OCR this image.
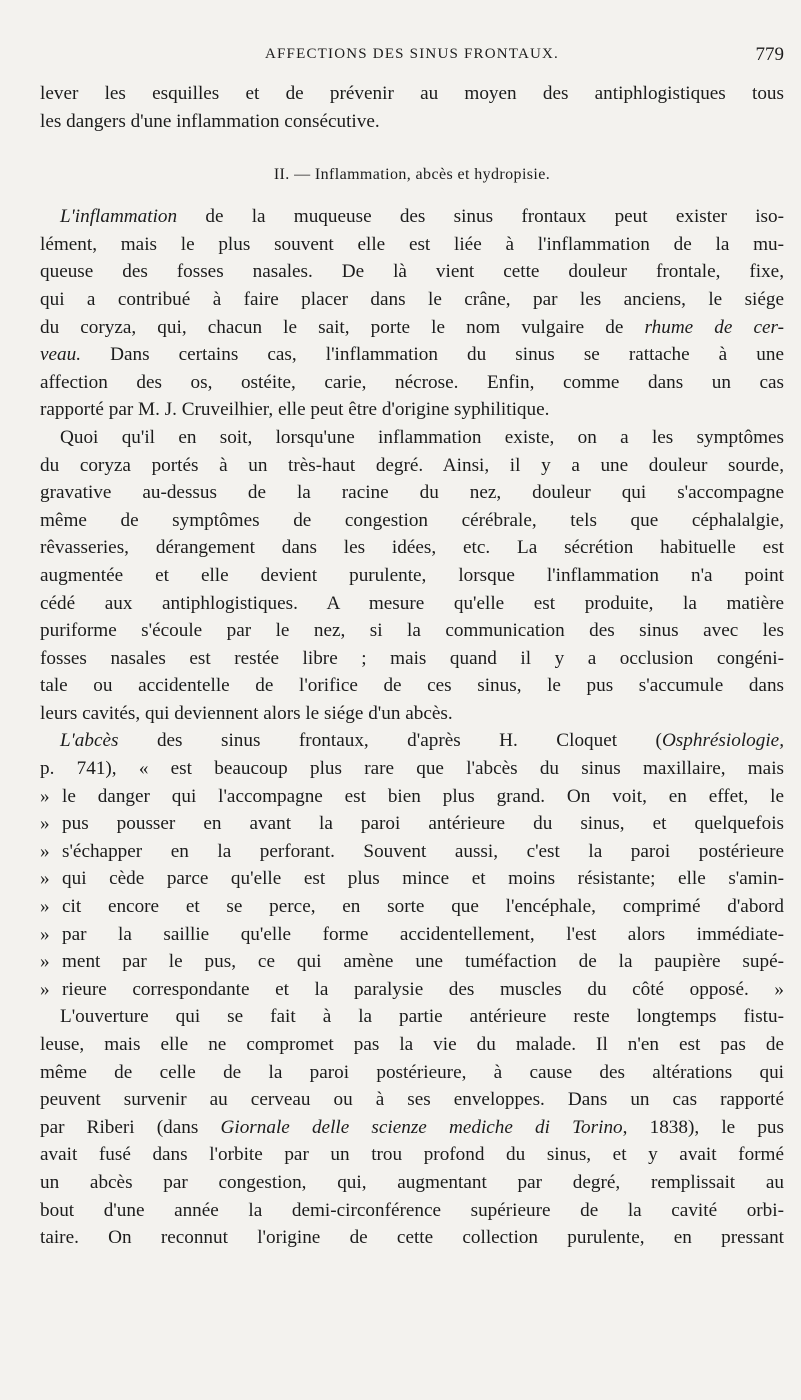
AFFECTIONS DES SINUS FRONTAUX.	779
lever les esquilles et de prévenir au moyen des antiphlogistiques tous
les dangers d'une inflammation consécutive.
II. — Inflammation, abcès et hydropisie.
L'inflammation de la muqueuse des sinus frontaux peut exister iso-
lément, mais le plus souvent elle est liée à l'inflammation de la mu-
queuse des fosses nasales. De là vient cette douleur frontale, fixe,
qui a contribué à faire placer dans le crâne, par les anciens, le siége
du coryza, qui, chacun le sait, porte le nom vulgaire de rhume de cer-
veau. Dans certains cas, l'inflammation du sinus se rattache à une
affection des os, ostéite, carie, nécrose. Enfin, comme dans un cas
rapporté par M. J. Cruveilhier, elle peut être d'origine syphilitique.
Quoi qu'il en soit, lorsqu'une inflammation existe, on a les symptômes
du coryza portés à un très-haut degré. Ainsi, il y a une douleur sourde,
gravative au-dessus de la racine du nez, douleur qui s'accompagne
même de symptômes de congestion cérébrale, tels que céphalalgie,
rêvasseries, dérangement dans les idées, etc. La sécrétion habituelle est
augmentée et elle devient purulente, lorsque l'inflammation n'a point
cédé aux antiphlogistiques. A mesure qu'elle est produite, la matière
puriforme s'écoule par le nez, si la communication des sinus avec les
fosses nasales est restée libre ; mais quand il y a occlusion congéni-
tale ou accidentelle de l'orifice de ces sinus, le pus s'accumule dans
leurs cavités, qui deviennent alors le siége d'un abcès.
L'abcès des sinus frontaux, d'après H. Cloquet (Osphrésiologie,
p. 741), « est beaucoup plus rare que l'abcès du sinus maxillaire, mais
» le danger qui l'accompagne est bien plus grand. On voit, en effet, le
» pus pousser en avant la paroi antérieure du sinus, et quelquefois
» s'échapper en la perforant. Souvent aussi, c'est la paroi postérieure
» qui cède parce qu'elle est plus mince et moins résistante; elle s'amin-
» cit encore et se perce, en sorte que l'encéphale, comprimé d'abord
» par la saillie qu'elle forme accidentellement, l'est alors immédiate-
» ment par le pus, ce qui amène une tuméfaction de la paupière supé-
» rieure correspondante et la paralysie des muscles du côté opposé. »
L'ouverture qui se fait à la partie antérieure reste longtemps fistu-
leuse, mais elle ne compromet pas la vie du malade. Il n'en est pas de
même de celle de la paroi postérieure, à cause des altérations qui
peuvent survenir au cerveau ou à ses enveloppes. Dans un cas rapporté
par Riberi (dans Giornale delle scienze mediche di Torino, 1838), le pus
avait fusé dans l'orbite par un trou profond du sinus, et y avait formé
un abcès par congestion, qui, augmentant par degré, remplissait au
bout d'une année la demi-circonférence supérieure de la cavité orbi-
taire. On reconnut l'origine de cette collection purulente, en pressant
